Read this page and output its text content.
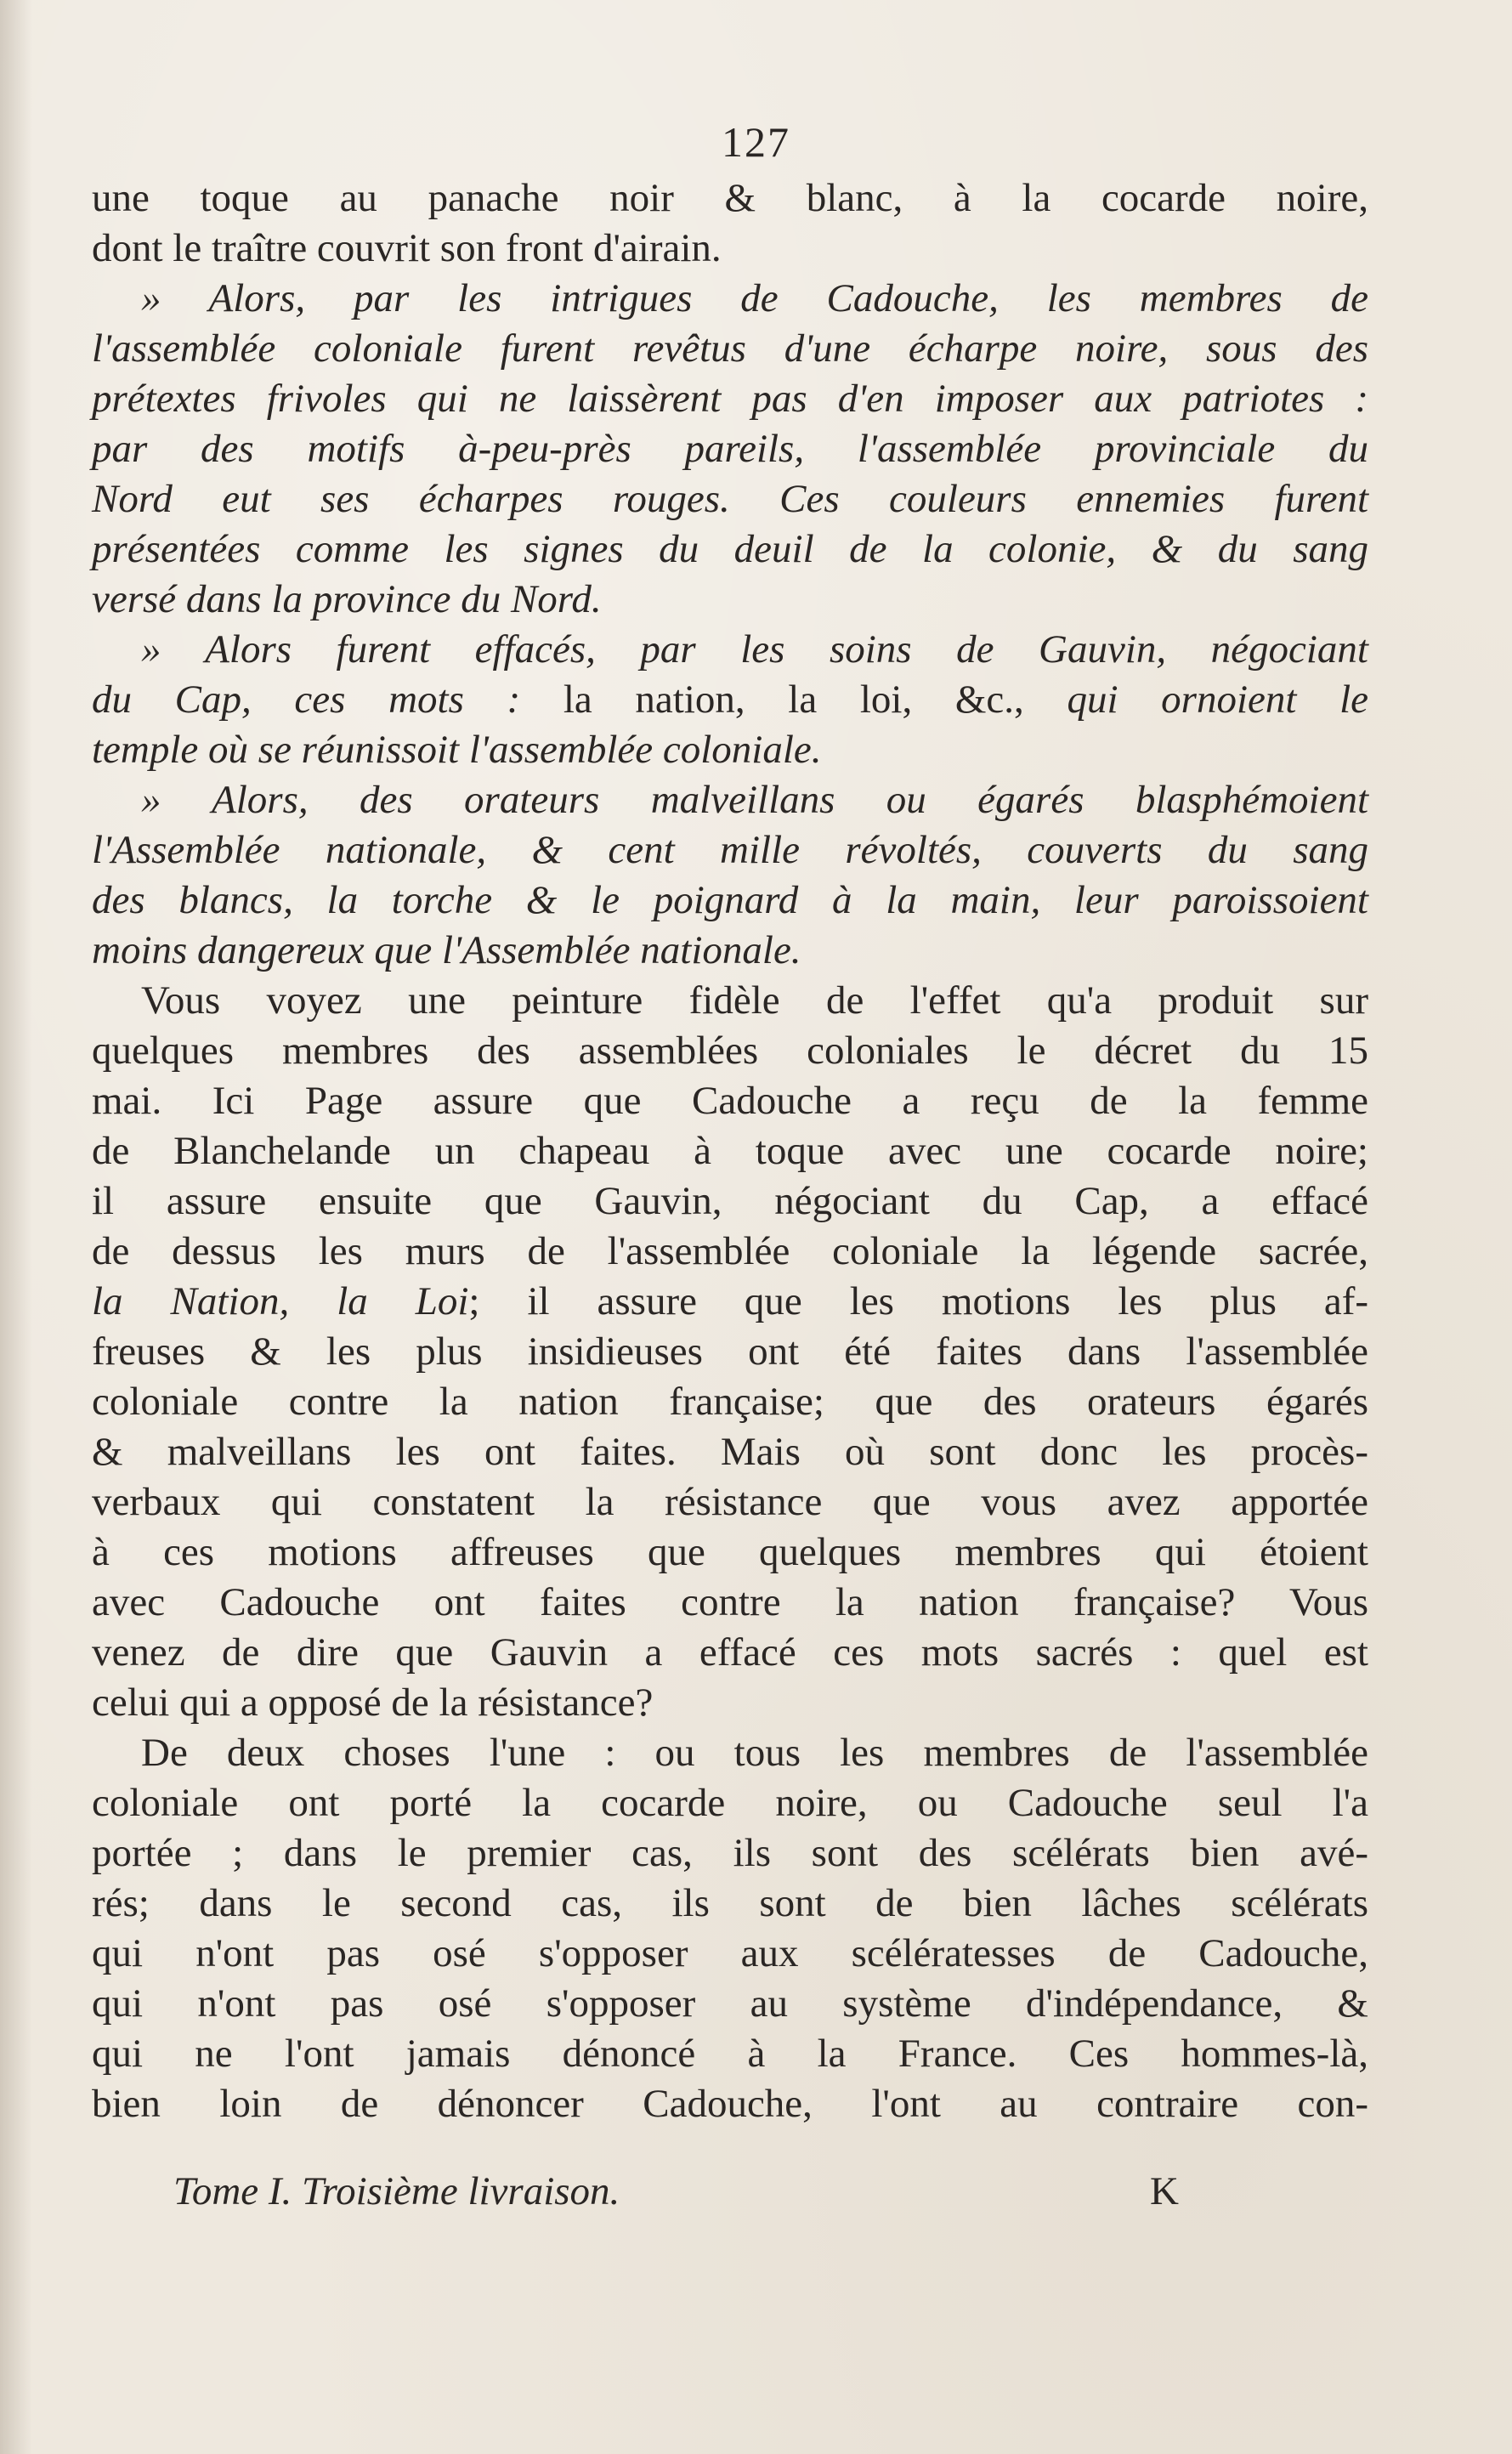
127
une toque au panache noir & blanc, à la cocarde noire,
dont le traître couvrit son front d'airain.
» Alors, par les intrigues de Cadouche, les membres de
l'assemblée coloniale furent revêtus d'une écharpe noire, sous des
prétextes frivoles qui ne laissèrent pas d'en imposer aux patriotes :
par des motifs à-peu-près pareils, l'assemblée provinciale du
Nord eut ses écharpes rouges. Ces couleurs ennemies furent
présentées comme les signes du deuil de la colonie, & du sang
versé dans la province du Nord.
» Alors furent effacés, par les soins de Gauvin, négociant
du Cap, ces mots : la nation, la loi, &c., qui ornoient le
temple où se réunissoit l'assemblée coloniale.
» Alors, des orateurs malveillans ou égarés blasphémoient
l'Assemblée nationale, & cent mille révoltés, couverts du sang
des blancs, la torche & le poignard à la main, leur paroissoient
moins dangereux que l'Assemblée nationale.
Vous voyez une peinture fidèle de l'effet qu'a produit sur
quelques membres des assemblées coloniales le décret du 15
mai. Ici Page assure que Cadouche a reçu de la femme
de Blanchelande un chapeau à toque avec une cocarde noire;
il assure ensuite que Gauvin, négociant du Cap, a effacé
de dessus les murs de l'assemblée coloniale la légende sacrée,
la Nation, la Loi; il assure que les motions les plus af-
freuses & les plus insidieuses ont été faites dans l'assemblée
coloniale contre la nation française; que des orateurs égarés
& malveillans les ont faites. Mais où sont donc les procès-
verbaux qui constatent la résistance que vous avez apportée
à ces motions affreuses que quelques membres qui étoient
avec Cadouche ont faites contre la nation française? Vous
venez de dire que Gauvin a effacé ces mots sacrés : quel est
celui qui a opposé de la résistance?
De deux choses l'une : ou tous les membres de l'assemblée
coloniale ont porté la cocarde noire, ou Cadouche seul l'a
portée ; dans le premier cas, ils sont des scélérats bien avé-
rés; dans le second cas, ils sont de bien lâches scélérats
qui n'ont pas osé s'opposer aux scélératesses de Cadouche,
qui n'ont pas osé s'opposer au système d'indépendance, &
qui ne l'ont jamais dénoncé à la France. Ces hommes-là,
bien loin de dénoncer Cadouche, l'ont au contraire con-
Tome I. Troisième livraison.	K
